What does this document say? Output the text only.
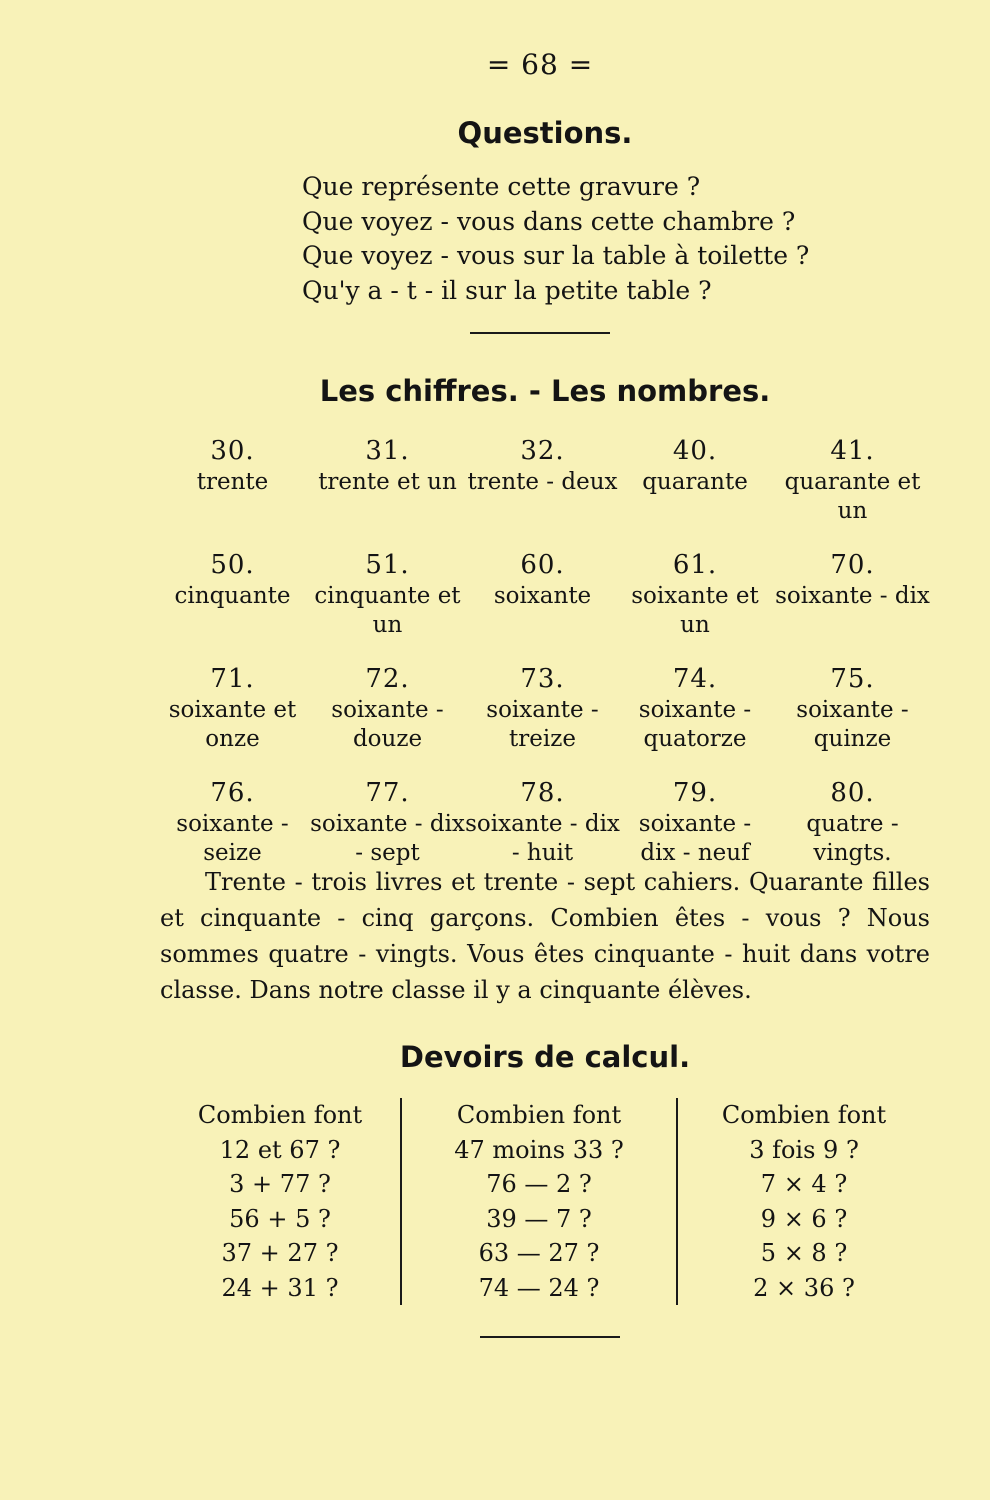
= 68 =
Questions.
Que représente cette gravure ?
Que voyez - vous dans cette chambre ?
Que voyez - vous sur la table à toilette ?
Qu'y a - t - il sur la petite table ?
Les chiffres. - Les nombres.
30.
trente
31.
trente et un
32.
trente - deux
40.
quarante
41.
quarante et un
50.
cinquante
51.
cinquante et un
60.
soixante
61.
soixante et un
70.
soixante - dix
71.
soixante et onze
72.
soixante - douze
73.
soixante - treize
74.
soixante - quatorze
75.
soixante - quinze
76.
soixante - seize
77.
soixante - dix - sept
78.
soixante - dix - huit
79.
soixante - dix - neuf
80.
quatre - vingts.
Trente - trois livres et trente - sept cahiers. Quarante filles et cinquante - cinq garçons. Combien êtes - vous ? Nous sommes quatre - vingts. Vous êtes cinquante - huit dans votre classe. Dans notre classe il y a cinquante élèves.
Devoirs de calcul.
Combien font
12 et 67 ?
3 + 77 ?
56 + 5 ?
37 + 27 ?
24 + 31 ?
Combien font
47 moins 33 ?
76 — 2 ?
39 — 7 ?
63 — 27 ?
74 — 24 ?
Combien font
3 fois 9 ?
7 × 4 ?
9 × 6 ?
5 × 8 ?
2 × 36 ?
